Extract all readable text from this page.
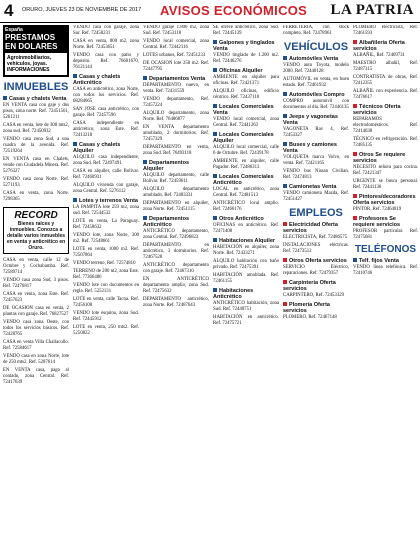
4 ORURO, JUEVES 23 DE NOVIEMBRE DE 2017 AVISOS ECONÓMICOS LA PATRIA
España
PRESTAMOS EN DOLARES
Agroinmobiliarios, vehículos, joyas. INFORMACIONES
INMUEBLES
Casas y chalets Venta
EN VENTA casa con gaje y dos pisos, zona norte. Ref. 72451561, 5261211
CASA en venta, lote de 300 mts2, zona sud. Ref. 72450932
VENDO casa zona Sud, a una cuadra de la avenida. Ref. 72519264
EN VENTA casa en Chalets, vende con Ciudadela Minera. Ref. 5276327
VENDO casa zona Norte. Ref. 5271193
CASA en venta, zona Norte. 7298365
RECORD
Bienes raíces y inmuebles. Conozca a detalle varios inmuebles en venta y anticrético en Oruro.
CASA en venta, calle 12 de Octubre y Cochabamba. Ref. 72589714
VENDO casa zona Sud, 3 pisos. Ref. 72476817
CASA en venta, zona Este. Ref. 72457623
DE OCASION casa en venta, 2 plantas con garaje. Ref. 76827527
VENDO casa zona Oeste, con todos los servicios básicos. Ref. 72428765
CASA en venta Villa Challacollo. Ref. 72584617
VENDO casa en zona Norte, lote de 250 mts2. Ref. 5287614
EN VENTA casa, pago al contado, zona Central. Ref. 72417639
VENDO casa con garaje, zona Sur. Ref. 72458231
CASA en venta, 800 m2, zona Norte. Ref. 72453651
VENDO casa con patio y depósito. Ref. 76601670, 76121144
Casas y chalets Anticrético
CASA en anticrético, zona Norte, con todos los servicios. Ref. 68284665
SAN JOSE casa anticrético, con garaje. Ref. 72457596
CASA independiente en anticrético, zona Este. Ref. 72413218
Casas y chalets Alquiler
ALQUILO casa independiente, zona Sud. Ref. 72497491
CASA en alquiler, calle Bolívar. Ref. 72460931
ALQUILO vivienda con garaje, zona Central. Ref. 5276112
Lotes y terrenos Venta
LA PAMPITA lote 259 m2, zona sud. Ref. 72544532
LOTE en venta, La Paraguay. Ref. 72458632
VENDO lote, zona Norte, 300 m2. Ref. 72548661
LOTE en venta, 1000 m2. Ref. 72507864
VENDO terreno, Ref. 72574810
TERRENO de 200 m2, zona Este. Ref. 77366486
VENDO lote con documentos en regla. Ref. 5252131
LOTE en venta, calle Tacna. Ref. 72456108
VENDO lote esquina, zona Sud. Ref. 72445912
LOTE en venta, 250 mts2. Ref. 5250822
VENDO garaje 1.800 m2, zona Sud. Ref. 72453118
VENDO local comercial, zona Central. Ref. 72442116
LOTES urbanos, Ref. 72451233
DE OCASION lote 250 m2. Ref. 72447795
Departamentos Venta
DEPARTAMENTO nuevo, en venta. Ref. 72431559
VENDO departamento, Ref. 72457224
ALQUILO departamento, zona Norte. Ref. 76486877
EN VENTA departamento amoblado, 2 dormitorios. Ref. 72457329
DEPARTAMENTO en venta, zona Sud. Ref. 76493118
Departamentos Alquiler
ALQUILO departamento, calle Bolívar. Ref. 72459611
ALQUILO departamento amoblado. Ref. 72483331
DEPARTAMENTO en alquiler, zona Norte. Ref. 72451115
Departamentos Anticrético
ANTICRÉTICO departamento, zona Central. Ref. 72496823
DEPARTAMENTO en anticrético, 3 dormitorios. Ref. 72467528
ANTICRÉTICO departamento con garaje. Ref. 72467310
EN ANTICRÉTICO departamento amplio, zona Sud. Ref. 72475632
DEPARTAMENTO anticrético, zona Norte. Ref. 72487643
SE ofrece anticrético, zona Sud. Ref. 72445139
Galpones y tinglados Venta
VENDO tinglado de 1.200 m2. Ref. 72446276
Oficinas Alquiler
AMBIENTE en alquiler para oficinas. Ref. 72421371
ALQUILO oficinas, edificio céntrico. Ref. 72437110
Locales Comerciales Venta
VENDO local comercial, zona Central. Ref. 72441263
Locales Comerciales Alquiler
ALQUILO local comercial, calle 6 de Octubre. Ref. 72439178
AMBIENTE en alquiler, calle Pagador. Ref. 72486313
Locales Comerciales Anticrético
LOCAL en anticrético, zona Central. Ref. 72481513
ANTICRÉTICO local amplio. Ref. 72466176
Otros Anticrético
OFICINAS en anticrético. Ref. 72471408
Habitaciones Alquiler
HABITACIÓN en alquiler, zona Norte. Ref. 72433271
ALQUILO habitación con baño privado. Ref. 72475391
HABITACIÓN amoblada. Ref. 72461155
Habitaciones Anticrético
ANTICRÉTICO habitación, zona Sud. Ref. 72448751
HABITACIÓN en anticrético. Ref. 72475721
FERRETERÍA, con stock completo. Ref. 72478961
VEHÍCULOS
Automóviles Venta
VENDO auto Toyota, modelo 2000. Ref. 72440128
AUTOMÓVIL en venta, en buen estado. Ref. 72461932
Automóviles Compro
COMPRO automóvil con documentos al día. Ref. 72446135
Jeeps y vagonetas Venta
VAGONETA Rav 4, Ref. 72453327
Buses y camiones Venta
VOLQUETA marca Volvo, en venta. Ref. 72421165
VENDO bus Nissan Civilian. Ref. 72474813
Camionetas Venta
VENDO camioneta Mazda, Ref. 72451427
EMPLEOS
Electricidad Oferta servicios
ELECTRICISTA, Ref. 72486575
INSTALACIONES eléctricas. Ref. 72473512
Otros Oferta servicios
SERVICIO Eléctrico, reparaciones. Ref. 72479357
Carpintería Oferta servicios
CARPINTERO, Ref. 72453329
Plomería Oferta servicios
PLOMERO, Ref. 72467148
PLOMERO electricista, Ref. 72461593
Albañilería Oferta servicios
ALBAÑIL, Ref. 72469731
MAESTRO albañil, Ref. 72487315
CONTRATISTA de obras, Ref. 72412355
ALBAÑIL con experiencia. Ref. 72476617
Técnicos Oferta servicios
REPARAMOS electrodomésticos. Ref. 72414638
TÉCNICO en refrigeración. Ref. 72485135
Otros Se requiere servicios
NECESITO señora para cocina. Ref. 72421347
URGENTE se busca personal. Ref. 72441136
Pintores/decoradores Oferta servicios
PINTOR, Ref. 72464819
Profesores Se requiere servicios
PROFESOR particular. Ref. 72475681
TELÉFONOS
Telf. fijos Venta
VENDO línea telefónica. Ref. 72410746
